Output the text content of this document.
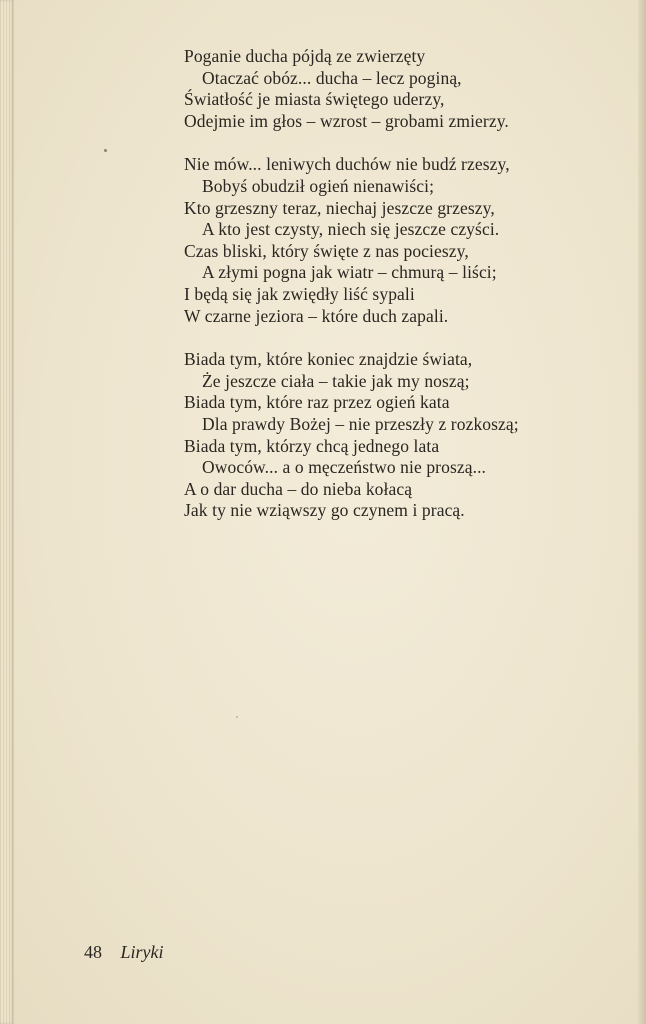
Poganie ducha pójdą ze zwierzęty
Otaczać obóz... ducha – lecz poginą,
Światłość je miasta świętego uderzy,
Odejmie im głos – wzrost – grobami zmierzy.
Nie mów... leniwych duchów nie budź rzeszy,
Bobyś obudził ogień nienawiści;
Kto grzeszny teraz, niechaj jeszcze grzeszy,
A kto jest czysty, niech się jeszcze czyści.
Czas bliski, który święte z nas pocieszy,
A złymi pogna jak wiatr – chmurą – liści;
I będą się jak zwiędły liść sypali
W czarne jeziora – które duch zapali.
Biada tym, które koniec znajdzie świata,
Że jeszcze ciała – takie jak my noszą;
Biada tym, które raz przez ogień kata
Dla prawdy Bożej – nie przeszły z rozkoszą;
Biada tym, którzy chcą jednego lata
Owoców... a o męczeństwo nie proszą...
A o dar ducha – do nieba kołacą
Jak ty nie wziąwszy go czynem i pracą.
48 Liryki
